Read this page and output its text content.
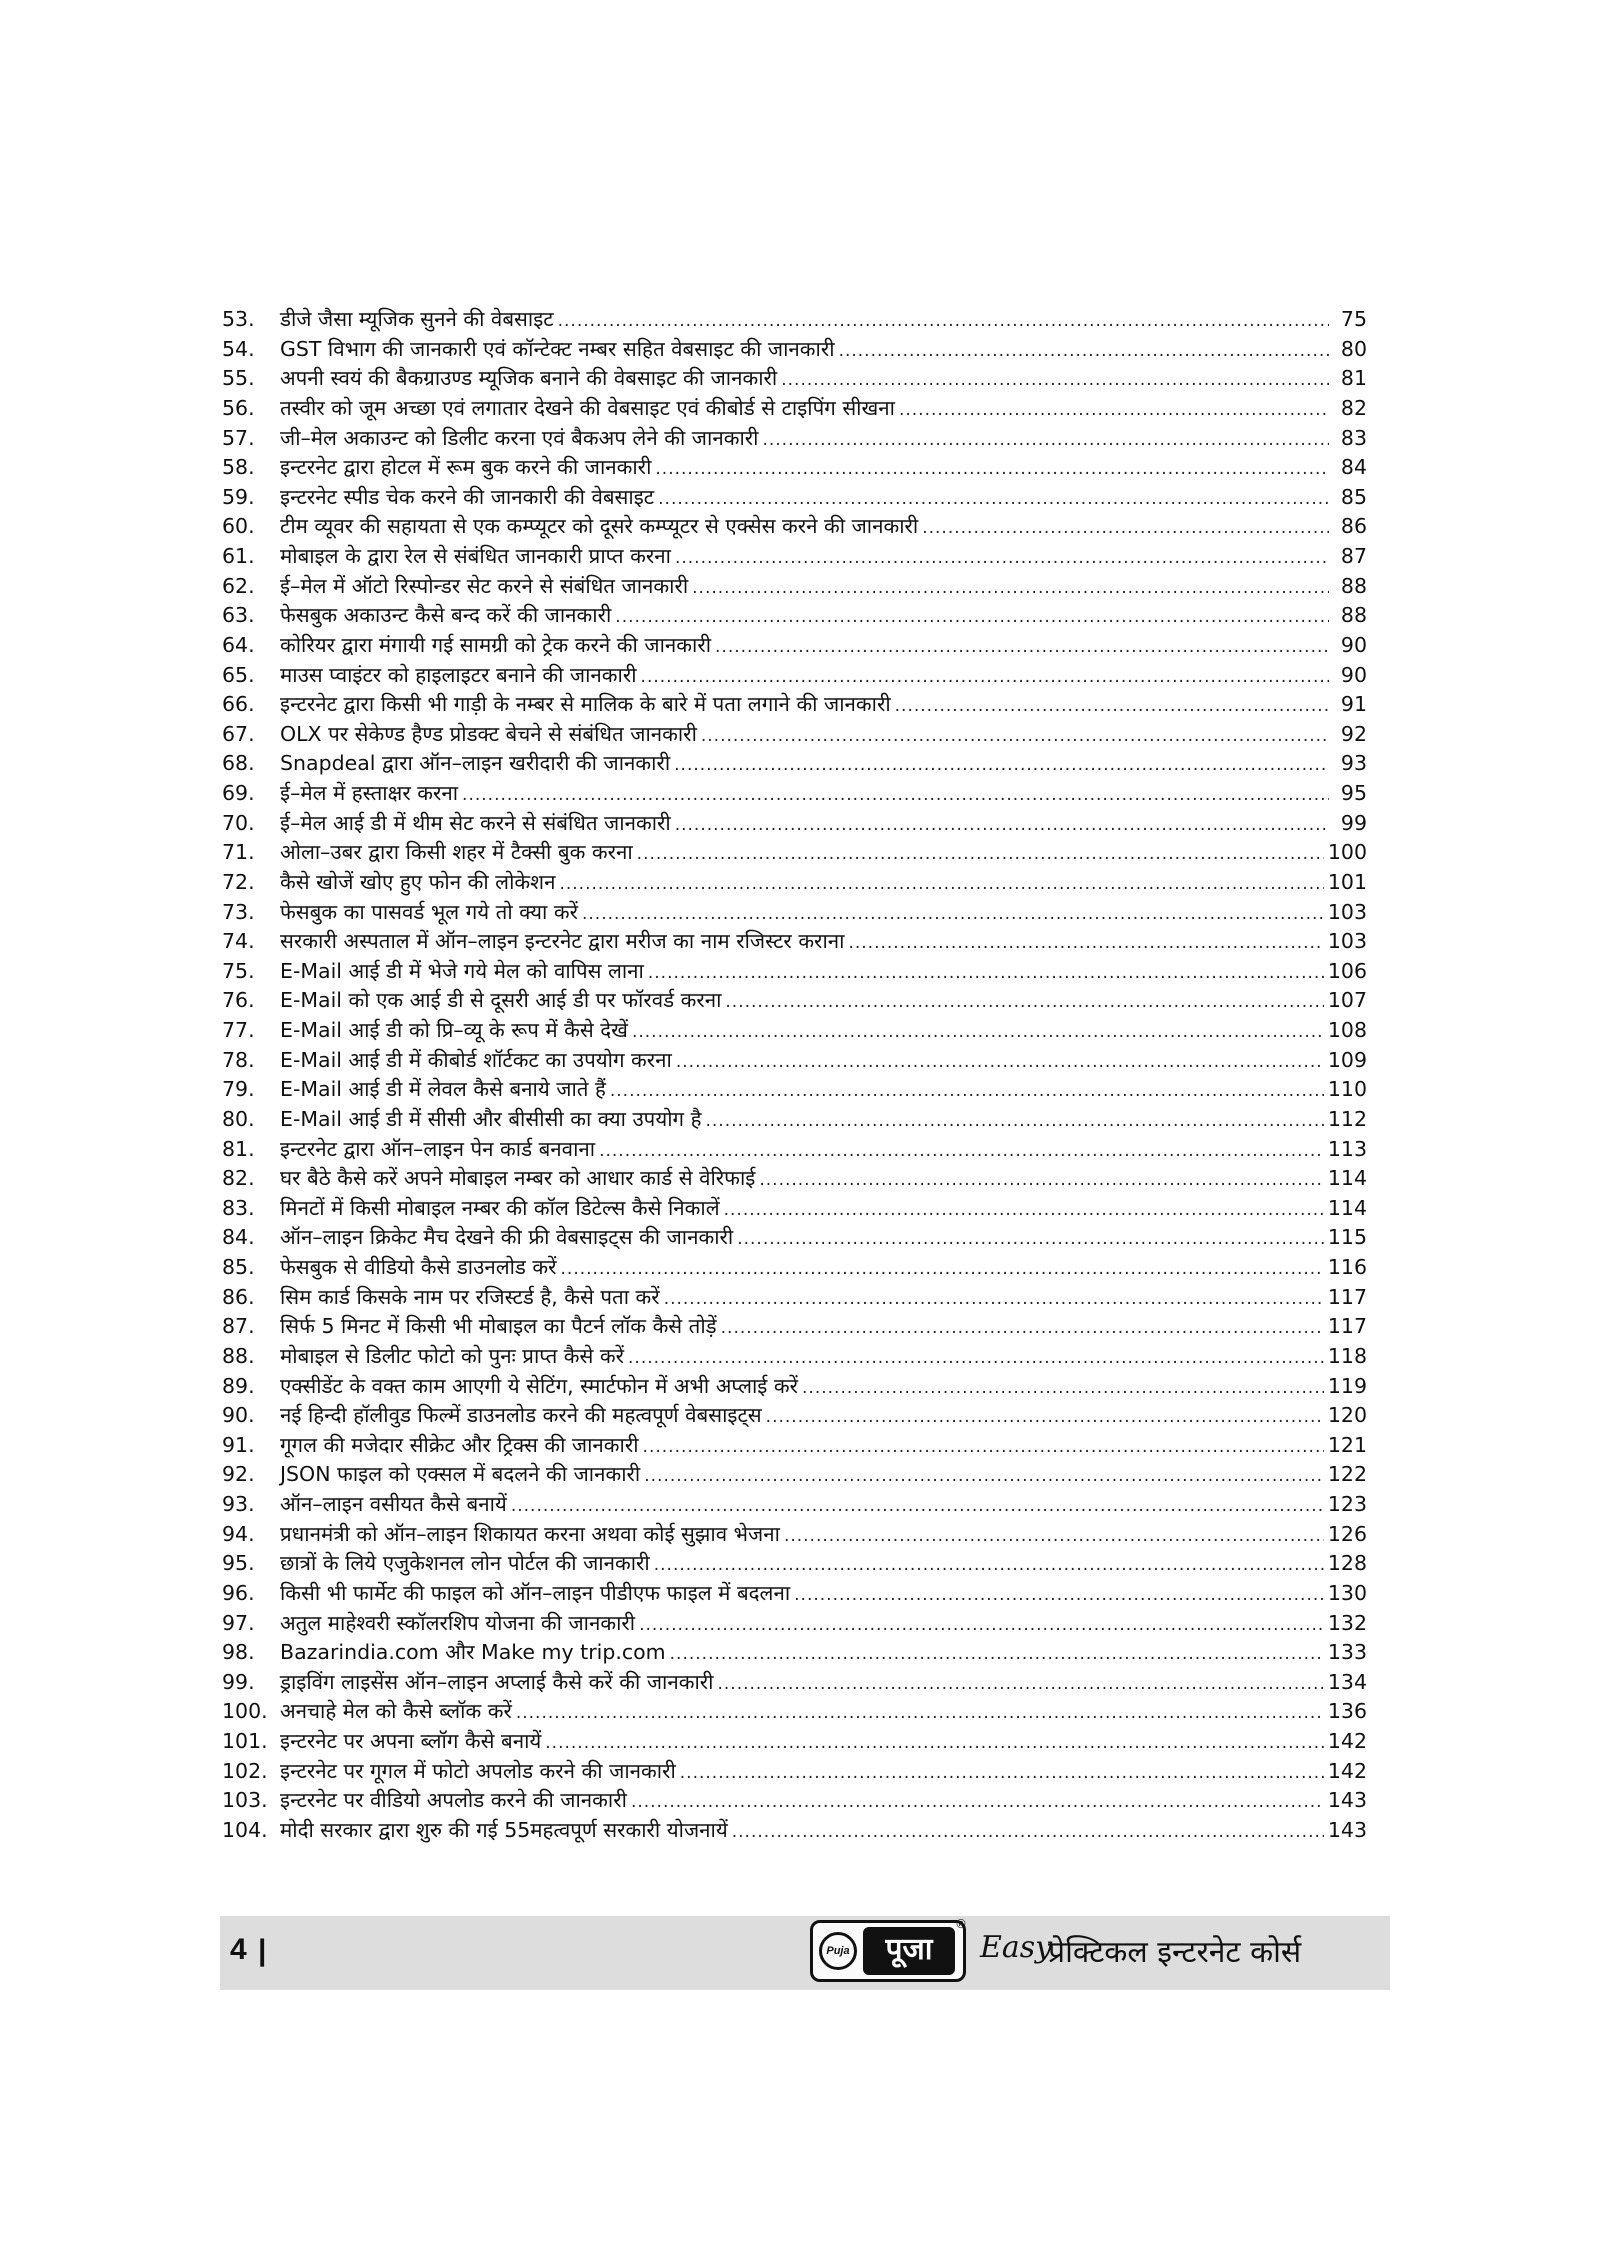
53.	डीजे जैसा म्यूजिक सुनने की वेबसाइट .....	75
54.	GST विभाग की जानकारी एवं कॉन्टेक्ट नम्बर सहित वेबसाइट की जानकारी .....	80
55.	अपनी स्वयं की बैकग्राउण्ड म्यूजिक बनाने की वेबसाइट की जानकारी .....	81
56.	तस्वीर को जूम अच्छा एवं लगातार देखने की वेबसाइट एवं कीबोर्ड से टाइपिंग सीखना .....	82
57.	जी–मेल अकाउन्ट को डिलीट करना एवं बैकअप लेने की जानकारी .....	83
58.	इन्टरनेट द्वारा होटल में रूम बुक करने की जानकारी .....	84
59.	इन्टरनेट स्पीड चेक करने की जानकारी की वेबसाइट .....	85
60.	टीम व्यूवर की सहायता से एक कम्प्यूटर को दूसरे कम्प्यूटर से एक्सेस करने की जानकारी .....	86
61.	मोबाइल के द्वारा रेल से संबंधित जानकारी प्राप्त करना .....	87
62.	ई–मेल में ऑटो रिस्पोन्डर सेट करने से संबंधित जानकारी .....	88
63.	फेसबुक अकाउन्ट कैसे बन्द करें की जानकारी .....	88
64.	कोरियर द्वारा मंगायी गई सामग्री को ट्रेक करने की जानकारी .....	90
65.	माउस प्वाइंटर को हाइलाइटर बनाने की जानकारी .....	90
66.	इन्टरनेट द्वारा किसी भी गाड़ी के नम्बर से मालिक के बारे में पता लगाने की जानकारी .....	91
67.	OLX पर सेकेण्ड हैण्ड प्रोडक्ट बेचने से संबंधित जानकारी .....	92
68.	Snapdeal द्वारा ऑन–लाइन खरीदारी की जानकारी .....	93
69.	ई–मेल में हस्ताक्षर करना .....	95
70.	ई–मेल आई डी में थीम सेट करने से संबंधित जानकारी .....	99
71.	ओला–उबर द्वारा किसी शहर में टैक्सी बुक करना .....	100
72.	कैसे खोजें खोए हुए फोन की लोकेशन .....	101
73.	फेसबुक का पासवर्ड भूल गये तो क्या करें .....	103
74.	सरकारी अस्पताल में ऑन–लाइन इन्टरनेट द्वारा मरीज का नाम रजिस्टर कराना .....	103
75.	E-Mail आई डी में भेजे गये मेल को वापिस लाना .....	106
76.	E-Mail को एक आई डी से दूसरी आई डी पर फॉरवर्ड करना .....	107
77.	E-Mail आई डी को प्रि–व्यू के रूप में कैसे देखें .....	108
78.	E-Mail आई डी में कीबोर्ड शॉर्टकट का उपयोग करना .....	109
79.	E-Mail आई डी में लेवल कैसे बनाये जाते हैं .....	110
80.	E-Mail आई डी में सीसी और बीसीसी का क्या उपयोग है .....	112
81.	इन्टरनेट द्वारा ऑन–लाइन पेन कार्ड बनवाना .....	113
82.	घर बैठे कैसे करें अपने मोबाइल नम्बर को आधार कार्ड से वेरिफाई .....	114
83.	मिनटों में किसी मोबाइल नम्बर की कॉल डिटेल्स कैसे निकालें .....	114
84.	ऑन–लाइन क्रिकेट मैच देखने की फ्री वेबसाइट्स की जानकारी .....	115
85.	फेसबुक से वीडियो कैसे डाउनलोड करें .....	116
86.	सिम कार्ड किसके नाम पर रजिस्टर्ड है, कैसे पता करें .....	117
87.	सिर्फ 5 मिनट में किसी भी मोबाइल का पैटर्न लॉक कैसे तोड़ें .....	117
88.	मोबाइल से डिलीट फोटो को पुनः प्राप्त कैसे करें .....	118
89.	एक्सीडेंट के वक्त काम आएगी ये सेटिंग, स्मार्टफोन में अभी अप्लाई करें .....	119
90.	नई हिन्दी हॉलीवुड फिल्में डाउनलोड करने की महत्वपूर्ण वेबसाइट्स .....	120
91.	गूगल की मजेदार सीक्रेट और ट्रिक्स की जानकारी .....	121
92.	JSON फाइल को एक्सल में बदलने की जानकारी .....	122
93.	ऑन–लाइन वसीयत कैसे बनायें .....	123
94.	प्रधानमंत्री को ऑन–लाइन शिकायत करना अथवा कोई सुझाव भेजना .....	126
95.	छात्रों के लिये एजुकेशनल लोन पोर्टल की जानकारी .....	128
96.	किसी भी फार्मेट की फाइल को ऑन–लाइन पीडीएफ फाइल में बदलना .....	130
97.	अतुल माहेश्वरी स्कॉलरशिप योजना की जानकारी .....	132
98.	Bazarindia.com और Make my trip.com .....	133
99.	ड्राइविंग लाइसेंस ऑन–लाइन अप्लाई कैसे करें की जानकारी .....	134
100. अनचाहे मेल को कैसे ब्लॉक करें .....	136
101. इन्टरनेट पर अपना ब्लॉग कैसे बनायें .....	142
102. इन्टरनेट पर गूगल में फोटो अपलोड करने की जानकारी .....	142
103. इन्टरनेट पर वीडियो अपलोड करने की जानकारी .....	143
104. मोदी सरकार द्वारा शुरु की गई 55महत्वपूर्ण सरकारी योजनायें .....	143
4 |	Puja	पूजा
®
Easy
प्रेक्टिकल इन्टरनेट कोर्स
